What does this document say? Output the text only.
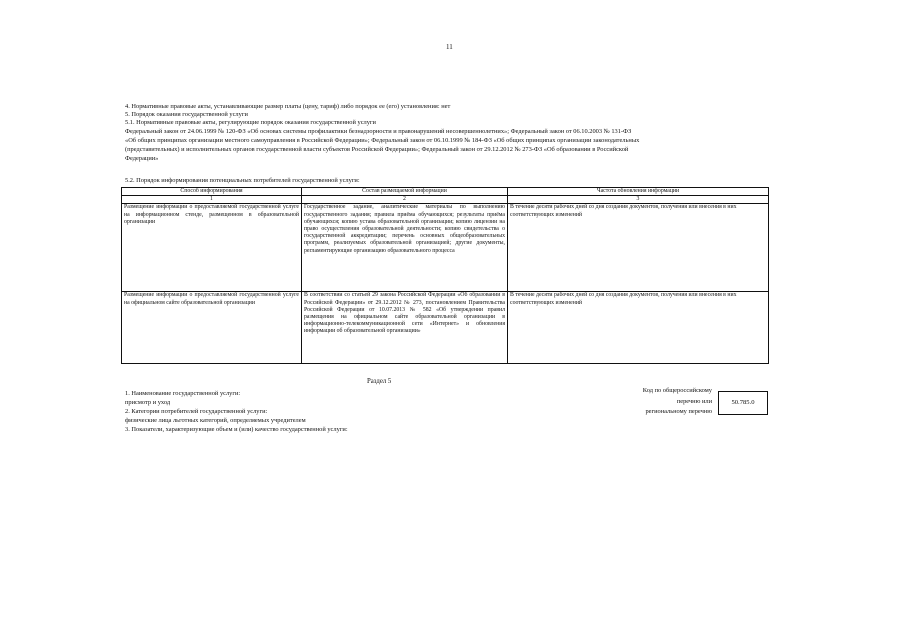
11
4. Нормативные правовые акты, устанавливающие размер платы (цену, тариф) либо порядок ее (его) установления: нет
5. Порядок оказания государственной услуги
5.1. Нормативные правовые акты, регулирующие порядок оказания государственной услуги
Федеральный закон от 24.06.1999 № 120-ФЗ «Об основах системы профилактики безнадзорности и правонарушений несовершеннолетних»; Федеральный закон от 06.10.2003 № 131-ФЗ
«Об общих принципах организации местного самоуправления в Российской Федерации»; Федеральный закон от 06.10.1999 № 184-ФЗ «Об общих принципах организации законодательных
(представительных) и исполнительных органов государственной власти субъектов Российской Федерации»; Федеральный закон от 29.12.2012 № 273-ФЗ «Об образовании в Российской
Федерации»
5.2. Порядок информирования потенциальных потребителей государственной услуги:
Способ информирования	Состав размещаемой информации	Частота обновления информации
1	2	3
Размещение информации о предоставляемой государственной услуге на информационном стенде, размещенном в образовательной организации	Государственное задание, аналитические материалы по выполнению государственного задания; правила приёма обучающихся; результаты приёма обучающихся; копию устава образовательной организации; копию лицензии на право осуществления образовательной деятельности; копию свидетельства о государственной аккредитации; перечень основных общеобразовательных программ, реализуемых образовательной организацией; другие документы, регламентирующие организацию образовательного процесса	В течение десяти рабочих дней со дня создания документов, получения или внесения в них соответствующих изменений
Размещение информации о предоставляемой государственной услуге на официальном сайте образовательной организации	В соответствии со статьей 29 закона Российской Федерации «Об образовании в Российской Федерации» от 29.12.2012 № 273, постановлением Правительства Российской Федерации от 10.07.2013 № 582 «Об утверждении правил размещения на официальном сайте образовательной организации в информационно-телекоммуникационной сети «Интернет» и обновления информации об образовательной организации»	В течение десяти рабочих дней со дня создания документов, получения или внесения в них соответствующих изменений
Раздел 5
1. Наименование государственной услуги:
присмотр и уход
2. Категории потребителей государственной услуги:
физические лица льготных категорий, определяемых учредителем
3. Показатели, характеризующие объем и (или) качество государственной услуги:
Код по общероссийскому
перечню или
региональному перечню
50.785.0
